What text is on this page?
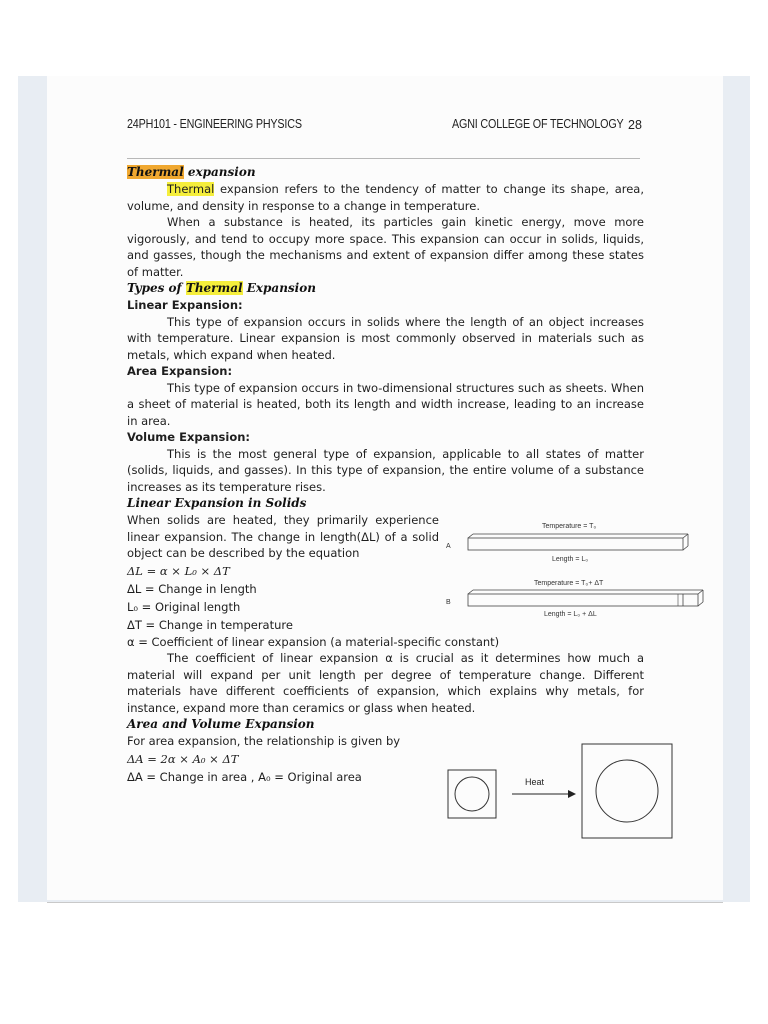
24PH101 - ENGINEERING PHYSICS	AGNI COLLEGE OF TECHNOLOGY 28

Thermal expansion

Thermal expansion refers to the tendency of matter to change its shape, area, volume, and density in response to a change in temperature.

When a substance is heated, its particles gain kinetic energy, move more vigorously, and tend to occupy more space. This expansion can occur in solids, liquids, and gasses, though the mechanisms and extent of expansion differ among these states of matter.

Types of Thermal Expansion

Linear Expansion:

This type of expansion occurs in solids where the length of an object increases with temperature. Linear expansion is most commonly observed in materials such as metals, which expand when heated.

Area Expansion:

This type of expansion occurs in two-dimensional structures such as sheets. When a sheet of material is heated, both its length and width increase, leading to an increase in area.

Volume Expansion:

This is the most general type of expansion, applicable to all states of matter (solids, liquids, and gasses). In this type of expansion, the entire volume of a substance increases as its temperature rises.

Linear Expansion in Solids

When solids are heated, they primarily experience linear expansion. The change in length(ΔL) of a solid object can be described by the equation

ΔL = α × L₀ × ΔT

ΔL = Change in length

L₀ = Original length

ΔT = Change in temperature

α = Coefficient of linear expansion (a material-specific constant)

The coefficient of linear expansion α is crucial as it determines how much a material will expand per unit length per degree of temperature change. Different materials have different coefficients of expansion, which explains why metals, for instance, expand more than ceramics or glass when heated.

Area and Volume Expansion

For area expansion, the relationship is given by

ΔA = 2α × A₀ × ΔT

ΔA = Change in area , A₀ = Original area

Temperature = T₀
A
Length = L₀
Temperature = T₀+ ΔT
B
Length = L₀ + ΔL
Heat
